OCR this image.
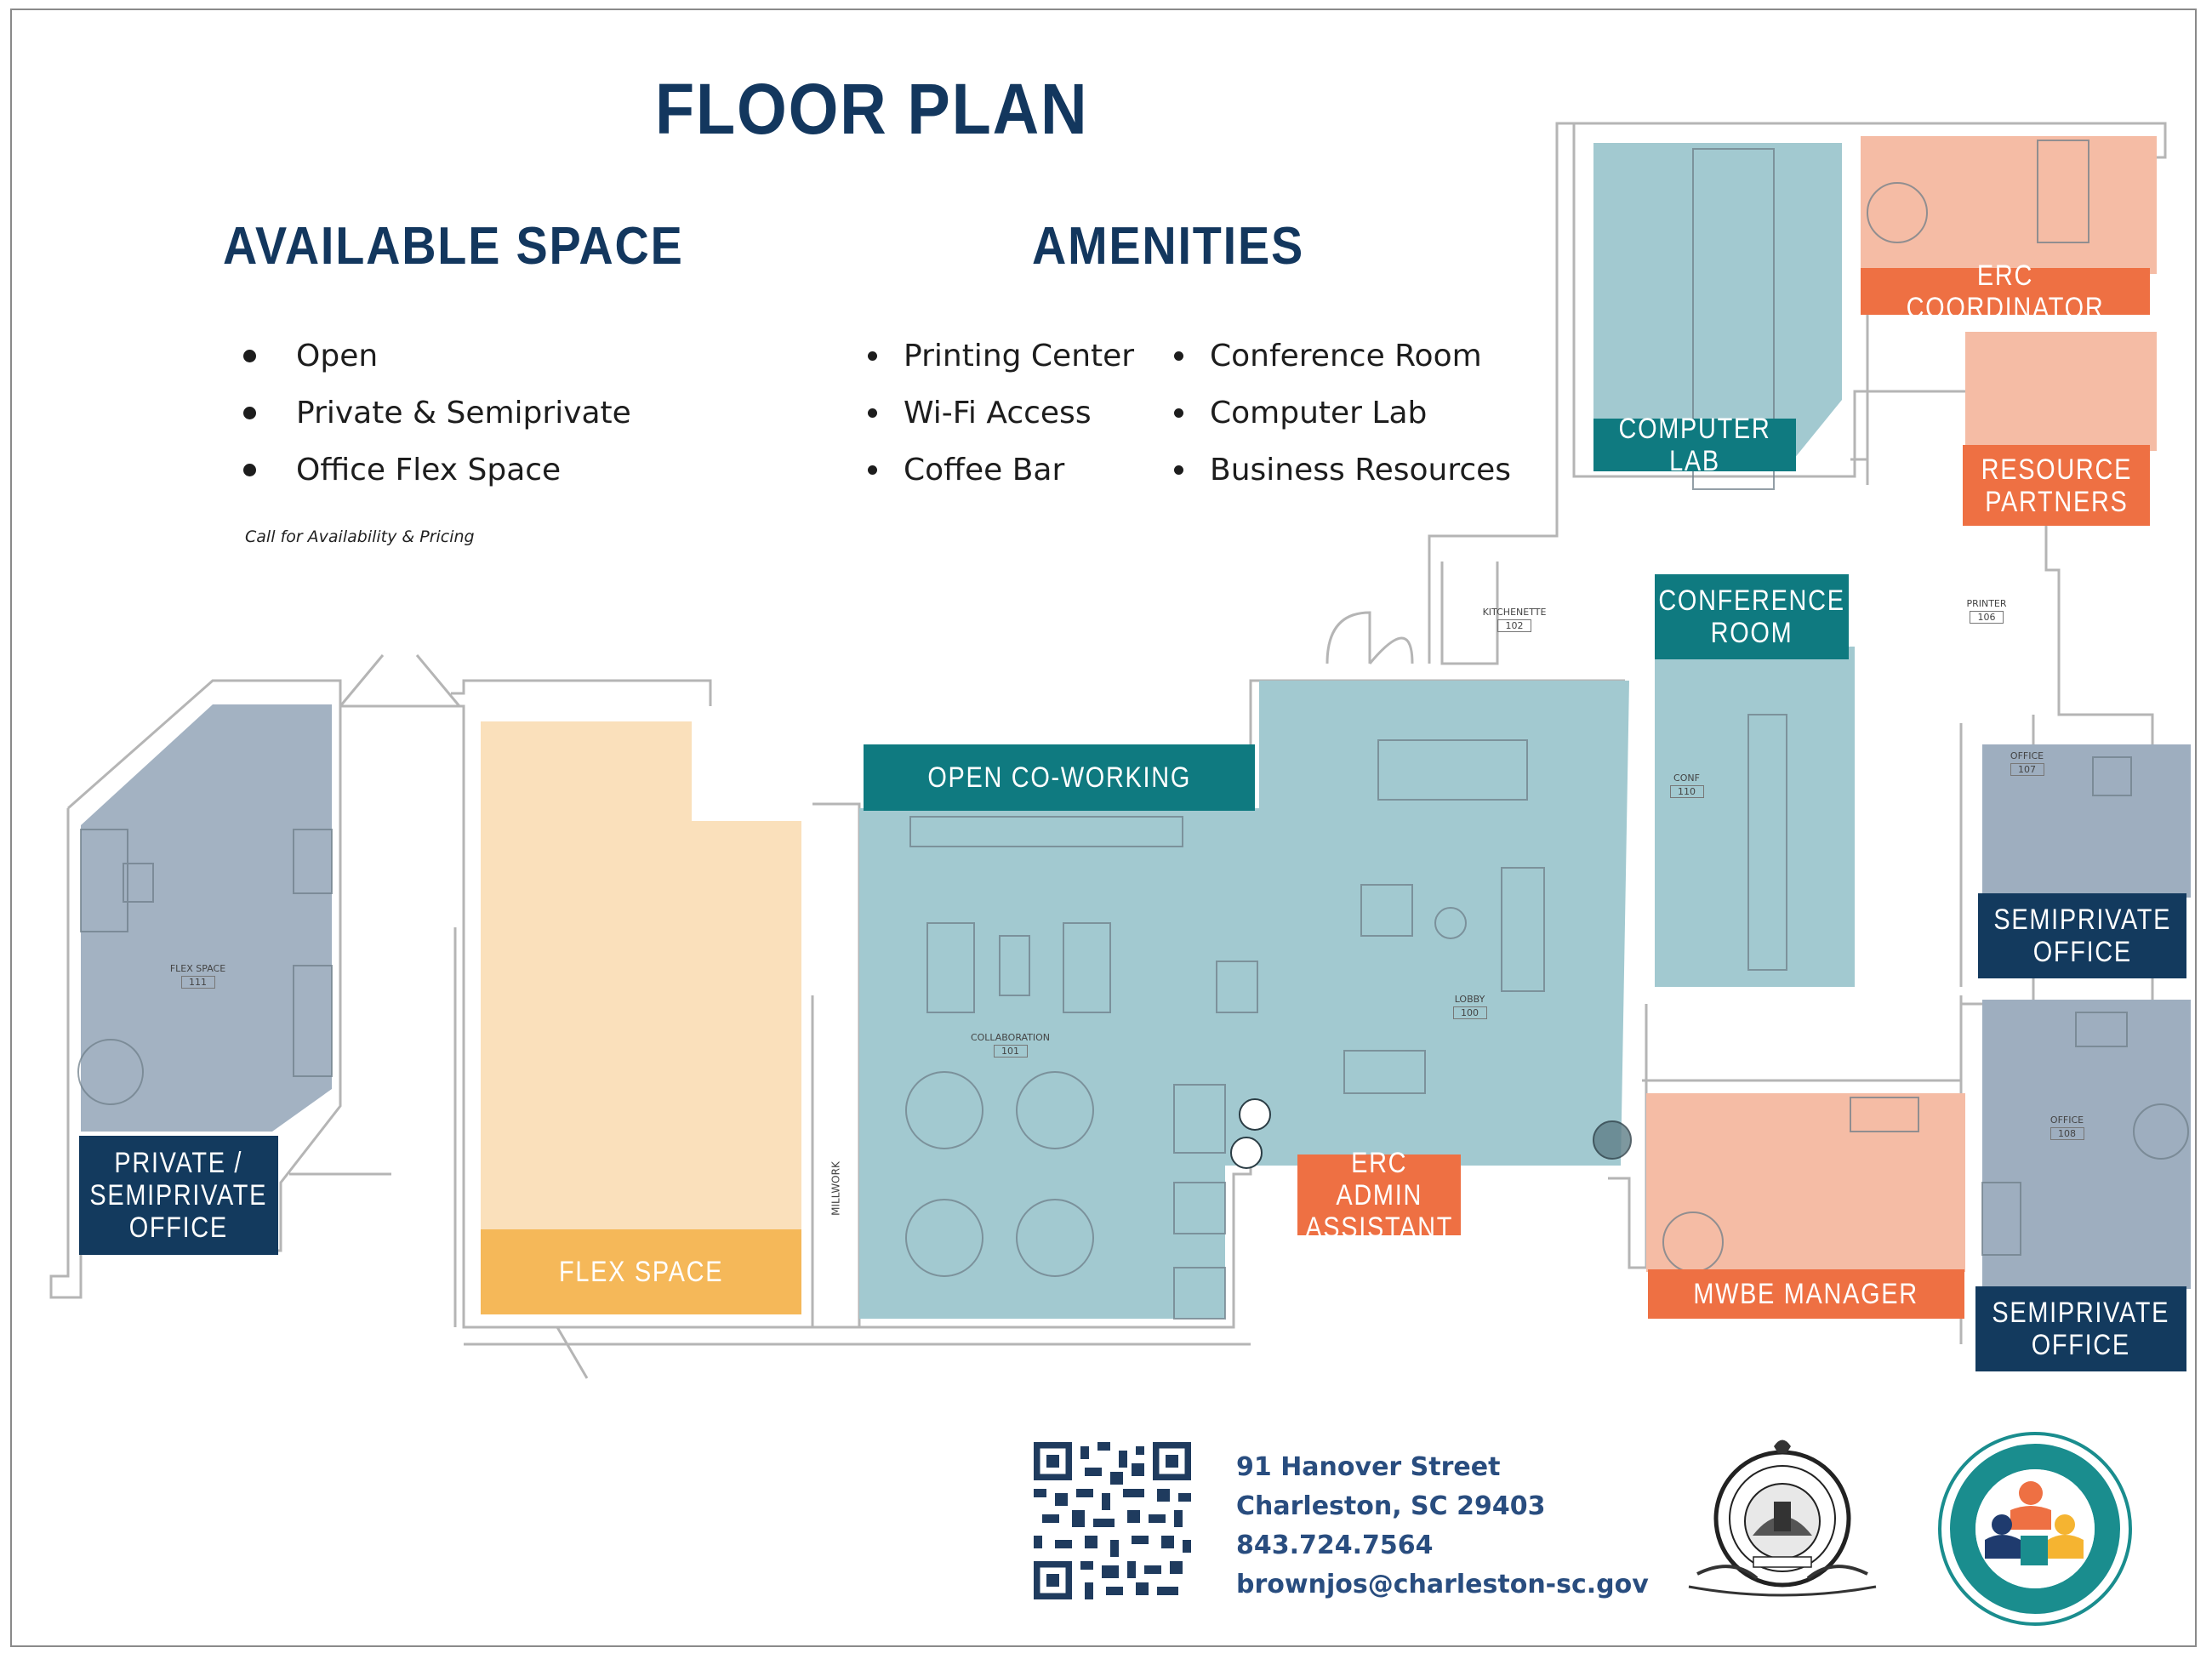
FLOOR PLAN
AVAILABLE SPACE
Open
Private & Semiprivate
Office Flex Space
Call for Availability & Pricing
AMENITIES
Printing Center
Wi-Fi Access
Coffee Bar
Conference Room
Computer Lab
Business Resources
FLEX SPACE
111
COLLABORATION
101
LOBBY
100
KITCHENETTE
102
CONF
110
PRINTER
106
OFFICE
107
OFFICE
108
MILLWORK
PRIVATE /
SEMIPRIVATE
OFFICE
FLEX SPACE
OPEN CO-WORKING
COMPUTER LAB
ERC COORDINATOR
RESOURCE
PARTNERS
CONFERENCE
ROOM
SEMIPRIVATE
OFFICE
SEMIPRIVATE
OFFICE
ERC ADMIN
ASSISTANT
MWBE MANAGER
91 Hanover Street
Charleston, SC 29403
843.724.7564
brownjos@charleston-sc.gov
